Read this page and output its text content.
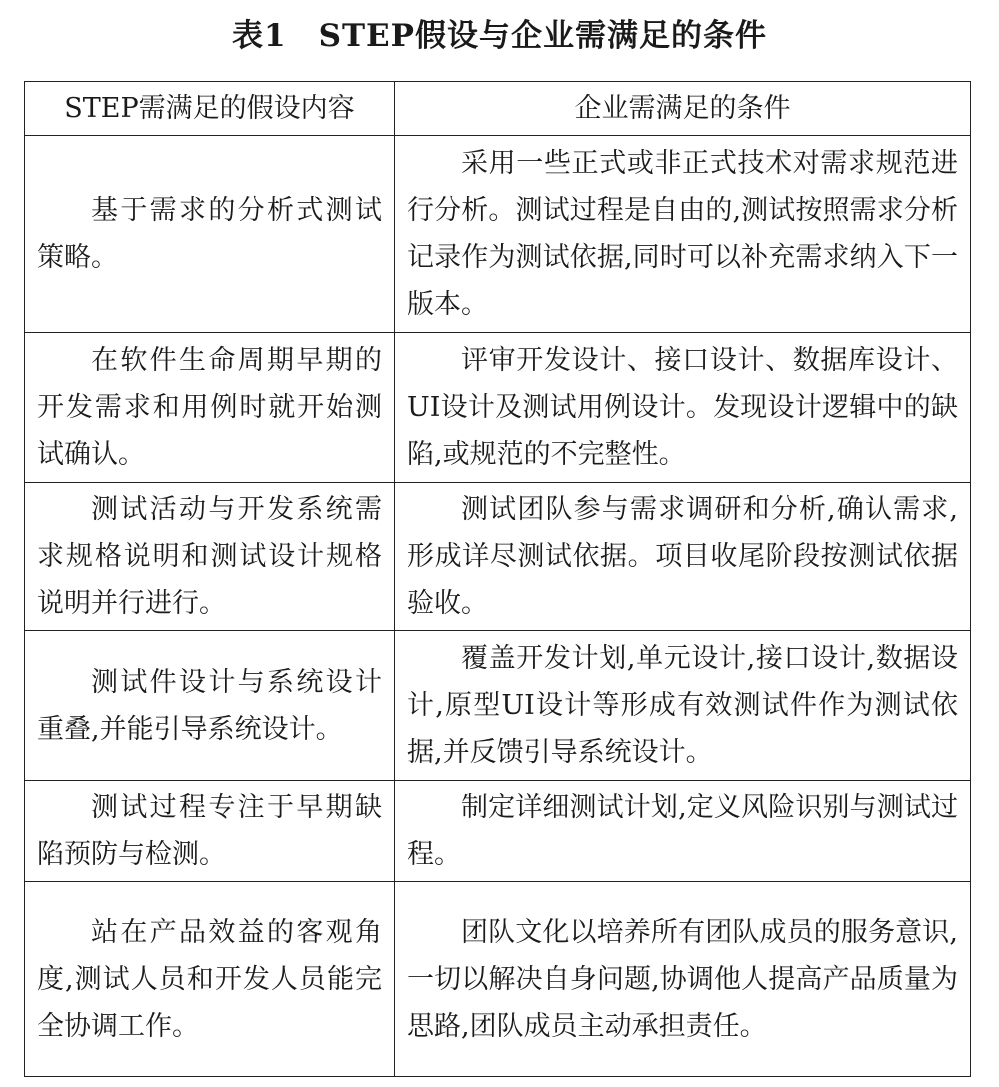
表1　STEP假设与企业需满足的条件
STEP需满足的假设内容	企业需满足的条件

基于需求的分析式测试策略。	采用一些正式或非正式技术对需求规范进行分析。测试过程是自由的,测试按照需求分析记录作为测试依据,同时可以补充需求纳入下一版本。

在软件生命周期早期的开发需求和用例时就开始测试确认。	评审开发设计、接口设计、数据库设计、UI设计及测试用例设计。发现设计逻辑中的缺陷,或规范的不完整性。

测试活动与开发系统需求规格说明和测试设计规格说明并行进行。	测试团队参与需求调研和分析,确认需求,形成详尽测试依据。项目收尾阶段按测试依据验收。

测试件设计与系统设计重叠,并能引导系统设计。	覆盖开发计划,单元设计,接口设计,数据设计,原型UI设计等形成有效测试件作为测试依据,并反馈引导系统设计。

测试过程专注于早期缺陷预防与检测。	制定详细测试计划,定义风险识别与测试过程。

站在产品效益的客观角度,测试人员和开发人员能完全协调工作。	团队文化以培养所有团队成员的服务意识,一切以解决自身问题,协调他人提高产品质量为思路,团队成员主动承担责任。
